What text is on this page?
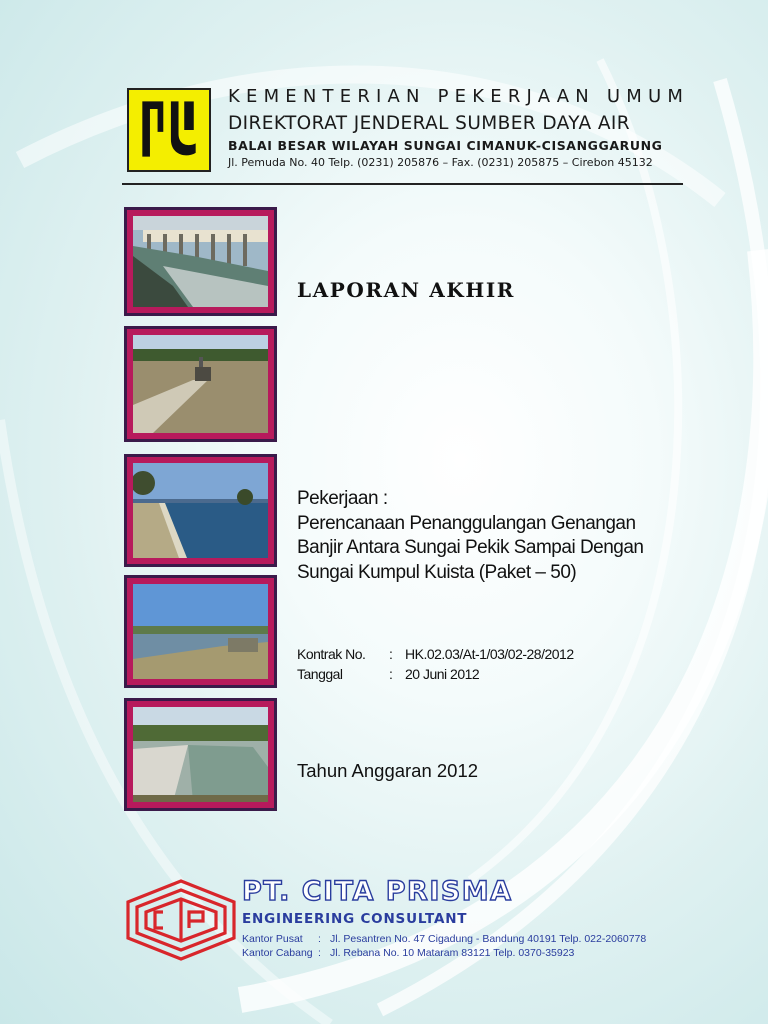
KEMENTERIAN PEKERJAAN UMUM
DIREKTORAT JENDERAL SUMBER DAYA AIR
BALAI BESAR WILAYAH SUNGAI CIMANUK-CISANGGARUNG
Jl. Pemuda No. 40 Telp. (0231) 205876 – Fax. (0231) 205875 – Cirebon 45132
LAPORAN AKHIR
Pekerjaan :
Perencanaan Penanggulangan Genangan
Banjir Antara Sungai Pekik Sampai Dengan
Sungai Kumpul Kuista (Paket – 50)
Kontrak No.	: HK.02.03/At-1/03/02-28/2012
Tanggal	: 20 Juni 2012
Tahun Anggaran 2012
PT. CITA PRISMA
ENGINEERING CONSULTANT
Kantor Pusat	: Jl. Pesantren No. 47 Cigadung - Bandung 40191 Telp. 022-2060778
Kantor Cabang : Jl. Rebana No. 10 Mataram 83121 Telp. 0370-35923
